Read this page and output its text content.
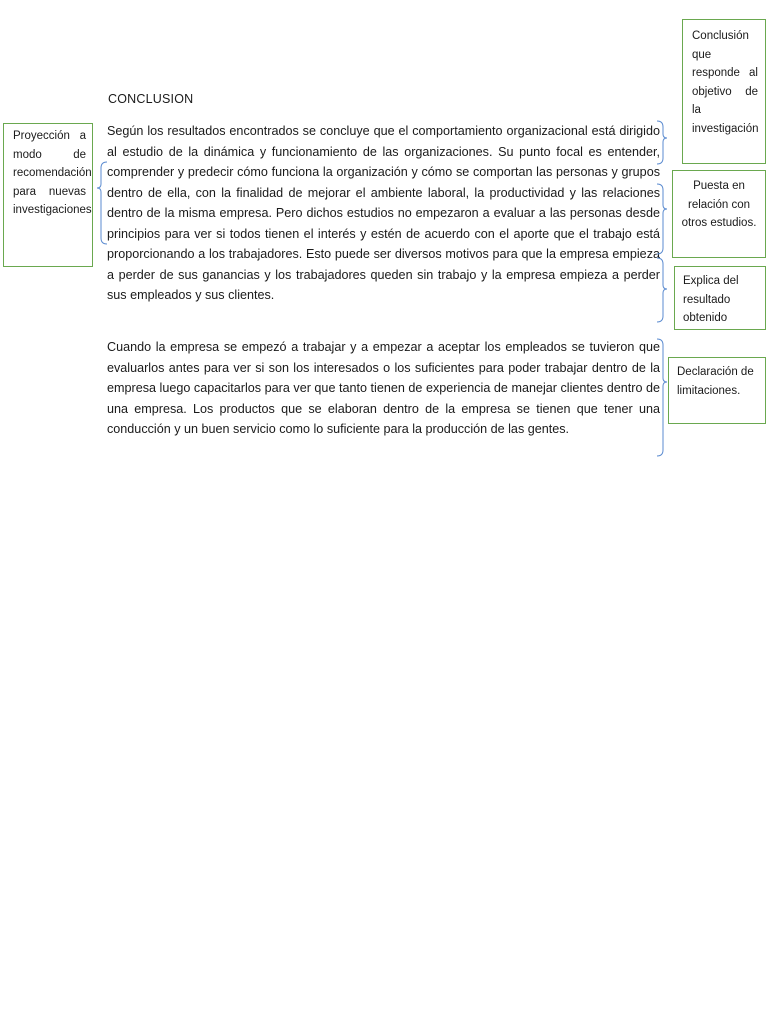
CONCLUSION

Según los resultados encontrados se concluye que el comportamiento organizacional está dirigido al estudio de la dinámica y funcionamiento de las organizaciones. Su punto focal es entender, comprender y predecir cómo funciona la organización y cómo se comportan las personas y grupos dentro de ella, con la finalidad de mejorar el ambiente laboral, la productividad y las relaciones dentro de la misma empresa. Pero dichos estudios no empezaron a evaluar a las personas desde principios para ver si todos tienen el interés y estén de acuerdo con el aporte que el trabajo está proporcionando a los trabajadores. Esto puede ser diversos motivos para que la empresa empieza a perder de sus ganancias y los trabajadores queden sin trabajo y la empresa empieza a perder sus empleados y sus clientes.

Cuando la empresa se empezó a trabajar y a empezar a aceptar los empleados se tuvieron que evaluarlos antes para ver si son los interesados o los suficientes para poder trabajar dentro de la empresa luego capacitarlos para ver que tanto tienen de experiencia de manejar clientes dentro de una empresa. Los productos que se elaboran dentro de la empresa se tienen que tener una conducción y un buen servicio como lo suficiente para la producción de las gentes.

Proyección a modo de recomendación para nuevas investigaciones
Conclusión que responde al objetivo de la investigación
Puesta en relación con otros estudios.
Explica del resultado obtenido
Declaración de limitaciones.
